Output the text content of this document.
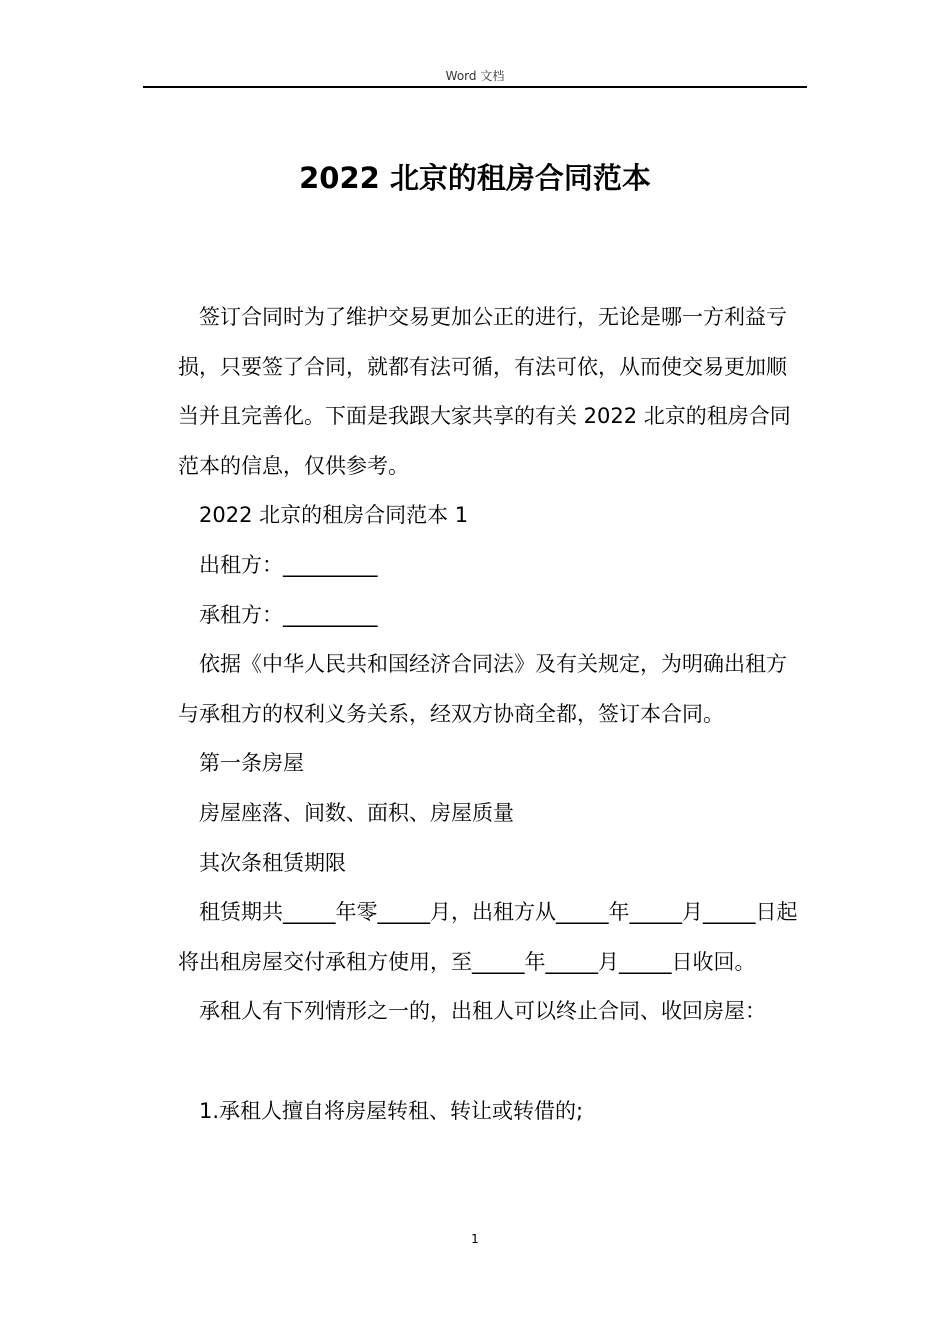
Word 文档
2022 北京的租房合同范本

签订合同时为了维护交易更加公正的进行，无论是哪一方利益亏损，只要签了合同，就都有法可循，有法可依，从而使交易更加顺当并且完善化。下面是我跟大家共享的有关 2022 北京的租房合同范本的信息，仅供参考。

2022 北京的租房合同范本 1

出租方：_________

承租方：_________

依据《中华人民共和国经济合同法》及有关规定，为明确出租方与承租方的权利义务关系，经双方协商全都，签订本合同。

第一条房屋

房屋座落、间数、面积、房屋质量

其次条租赁期限

租赁期共_____年零_____月，出租方从_____年_____月_____日起将出租房屋交付承租方使用，至_____年_____月_____日收回。

承租人有下列情形之一的，出租人可以终止合同、收回房屋：

1.承租人擅自将房屋转租、转让或转借的;

1
